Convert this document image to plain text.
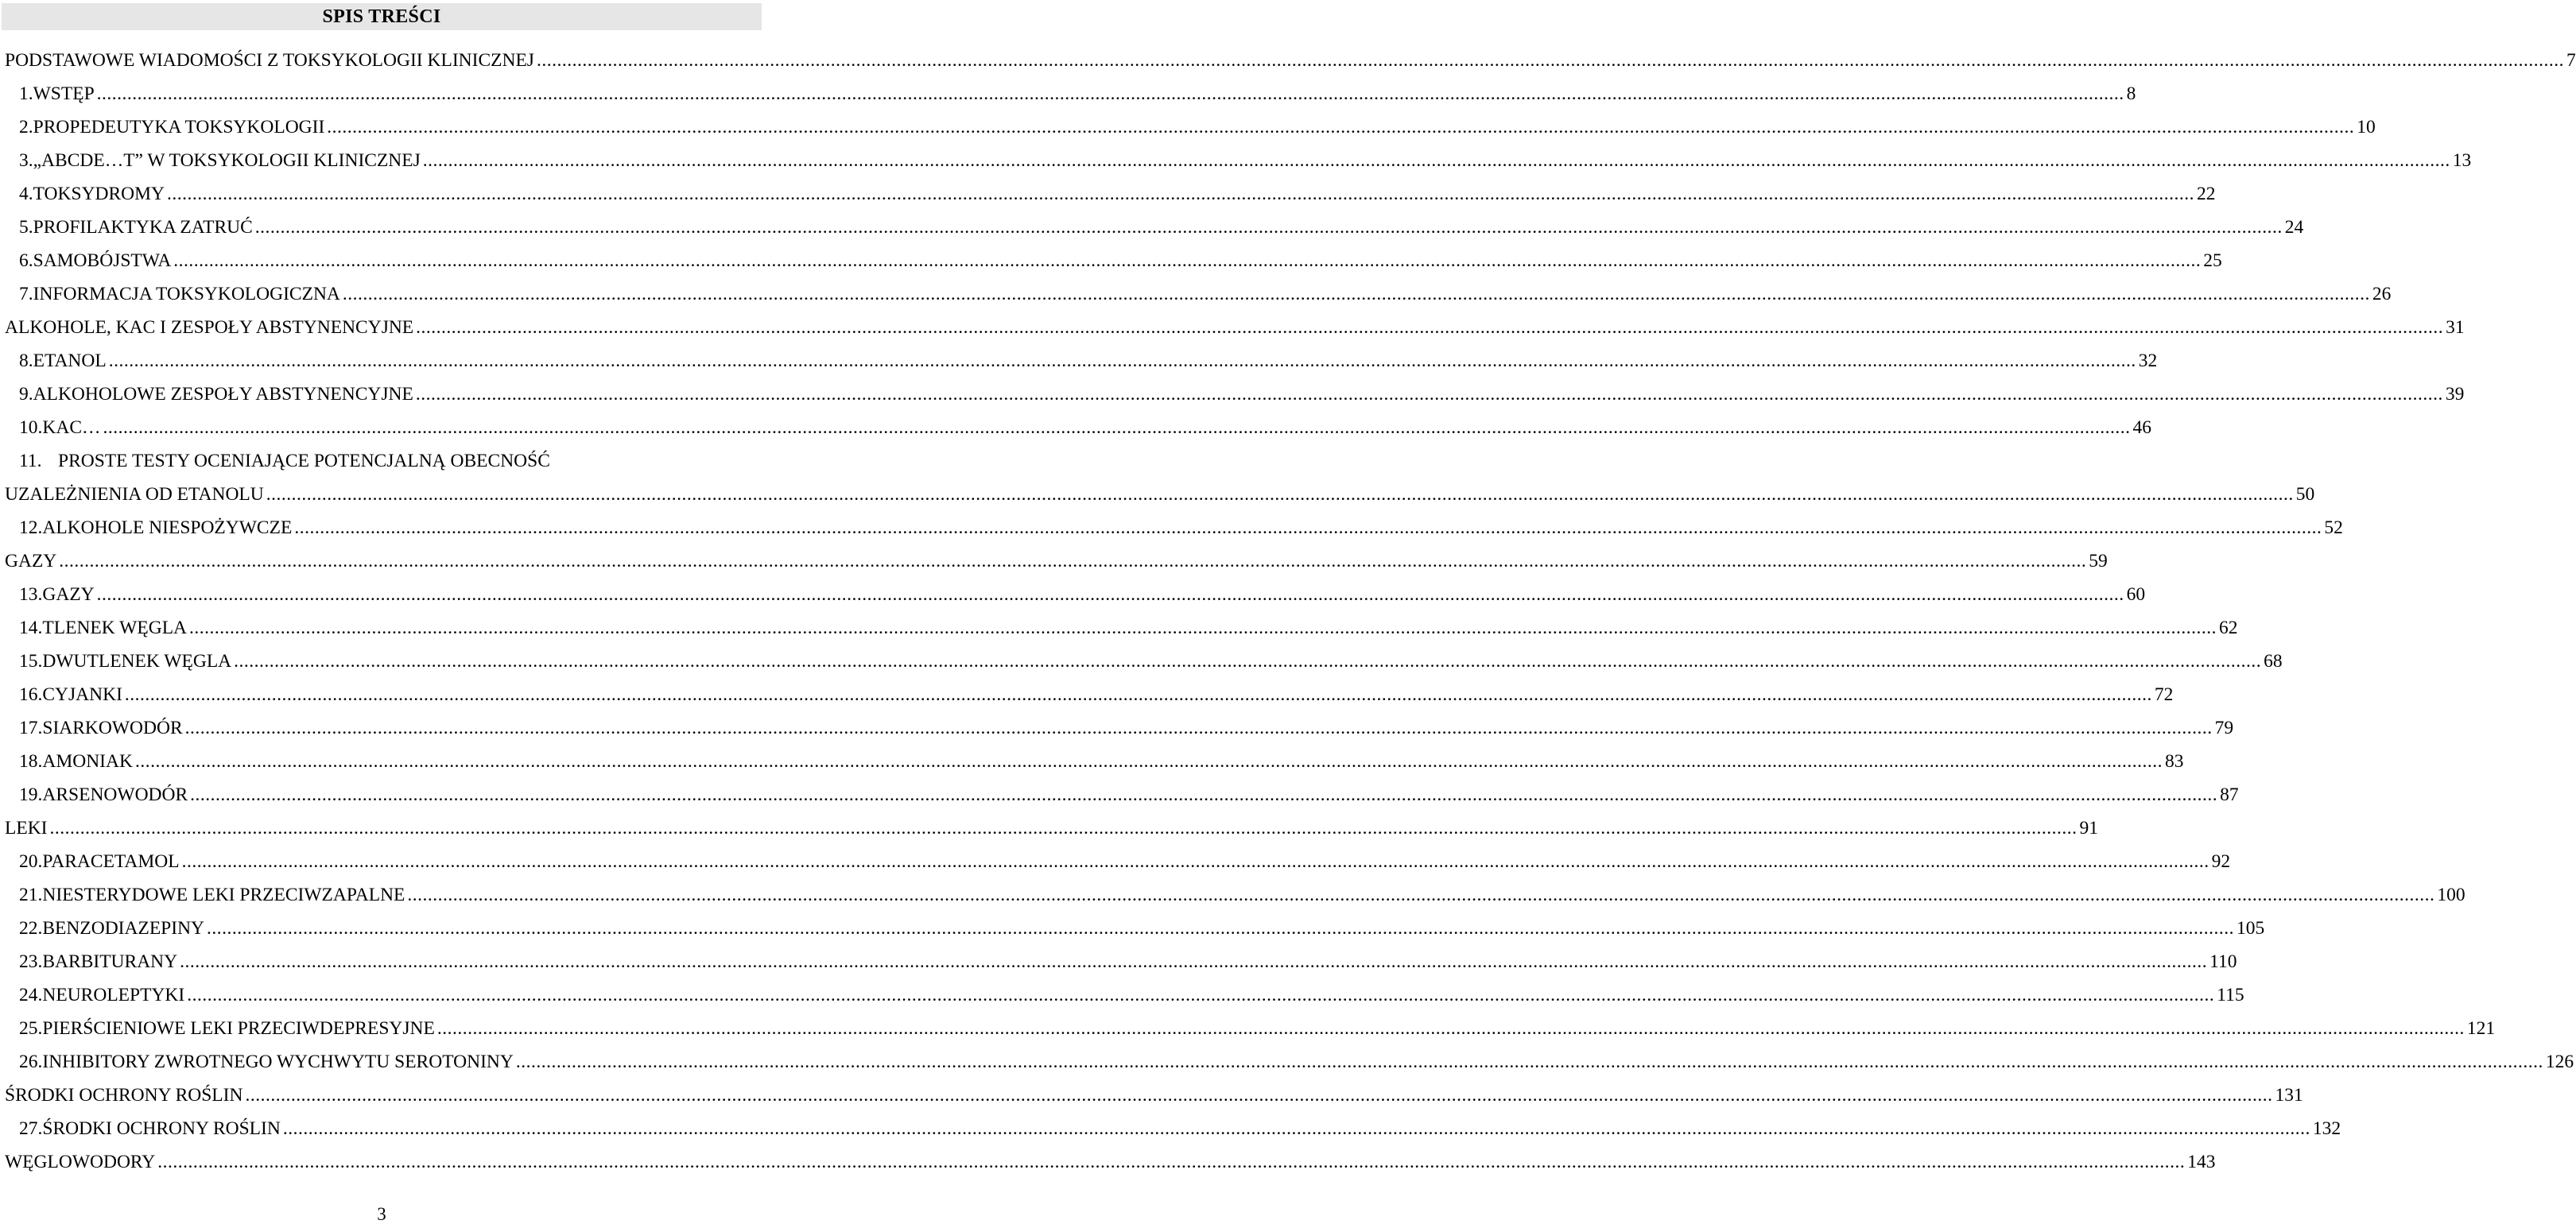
SPIS TREŚCI
PODSTAWOWE WIADOMOŚCI Z TOKSYKOLOGII KLINICZNEJ ................................................................................................................................................................................................................................................................................................................................................................................................................ 7
1. WSTĘP ................................................................................................................................................................................................................................................................................................................................................................................................................ 8
2. PROPEDEUTYKA TOKSYKOLOGII ................................................................................................................................................................................................................................................................................................................................................................................................................ 10
3. „ABCDE…T” W TOKSYKOLOGII KLINICZNEJ ................................................................................................................................................................................................................................................................................................................................................................................................................ 13
4. TOKSYDROMY ................................................................................................................................................................................................................................................................................................................................................................................................................ 22
5. PROFILAKTYKA ZATRUĆ ................................................................................................................................................................................................................................................................................................................................................................................................................ 24
6. SAMOBÓJSTWA ................................................................................................................................................................................................................................................................................................................................................................................................................ 25
7. INFORMACJA TOKSYKOLOGICZNA ................................................................................................................................................................................................................................................................................................................................................................................................................ 26
ALKOHOLE, KAC I ZESPOŁY ABSTYNENCYJNE ................................................................................................................................................................................................................................................................................................................................................................................................................ 31
8. ETANOL ................................................................................................................................................................................................................................................................................................................................................................................................................ 32
9. ALKOHOLOWE ZESPOŁY ABSTYNENCYJNE ................................................................................................................................................................................................................................................................................................................................................................................................................ 39
10. KAC… ................................................................................................................................................................................................................................................................................................................................................................................................................ 46
11. PROSTE TESTY OCENIAJĄCE POTENCJALNĄ OBECNOŚĆ
UZALEŻNIENIA OD ETANOLU ................................................................................................................................................................................................................................................................................................................................................................................................................ 50
12. ALKOHOLE NIESPOŻYWCZE ................................................................................................................................................................................................................................................................................................................................................................................................................ 52
GAZY ................................................................................................................................................................................................................................................................................................................................................................................................................ 59
13. GAZY ................................................................................................................................................................................................................................................................................................................................................................................................................ 60
14. TLENEK WĘGLA ................................................................................................................................................................................................................................................................................................................................................................................................................ 62
15. DWUTLENEK WĘGLA ................................................................................................................................................................................................................................................................................................................................................................................................................ 68
16. CYJANKI ................................................................................................................................................................................................................................................................................................................................................................................................................ 72
17. SIARKOWODÓR ................................................................................................................................................................................................................................................................................................................................................................................................................ 79
18. AMONIAK ................................................................................................................................................................................................................................................................................................................................................................................................................ 83
19. ARSENOWODÓR ................................................................................................................................................................................................................................................................................................................................................................................................................ 87
LEKI ................................................................................................................................................................................................................................................................................................................................................................................................................ 91
20. PARACETAMOL ................................................................................................................................................................................................................................................................................................................................................................................................................ 92
21. NIESTERYDOWE LEKI PRZECIWZAPALNE ................................................................................................................................................................................................................................................................................................................................................................................................................ 100
22. BENZODIAZEPINY ................................................................................................................................................................................................................................................................................................................................................................................................................ 105
23. BARBITURANY ................................................................................................................................................................................................................................................................................................................................................................................................................ 110
24. NEUROLEPTYKI ................................................................................................................................................................................................................................................................................................................................................................................................................ 115
25. PIERŚCIENIOWE LEKI PRZECIWDEPRESYJNE ................................................................................................................................................................................................................................................................................................................................................................................................................ 121
26. INHIBITORY ZWROTNEGO WYCHWYTU SEROTONINY ................................................................................................................................................................................................................................................................................................................................................................................................................ 126
ŚRODKI OCHRONY ROŚLIN ................................................................................................................................................................................................................................................................................................................................................................................................................ 131
27. ŚRODKI OCHRONY ROŚLIN ................................................................................................................................................................................................................................................................................................................................................................................................................ 132
WĘGLOWODORY ................................................................................................................................................................................................................................................................................................................................................................................................................ 143
3
